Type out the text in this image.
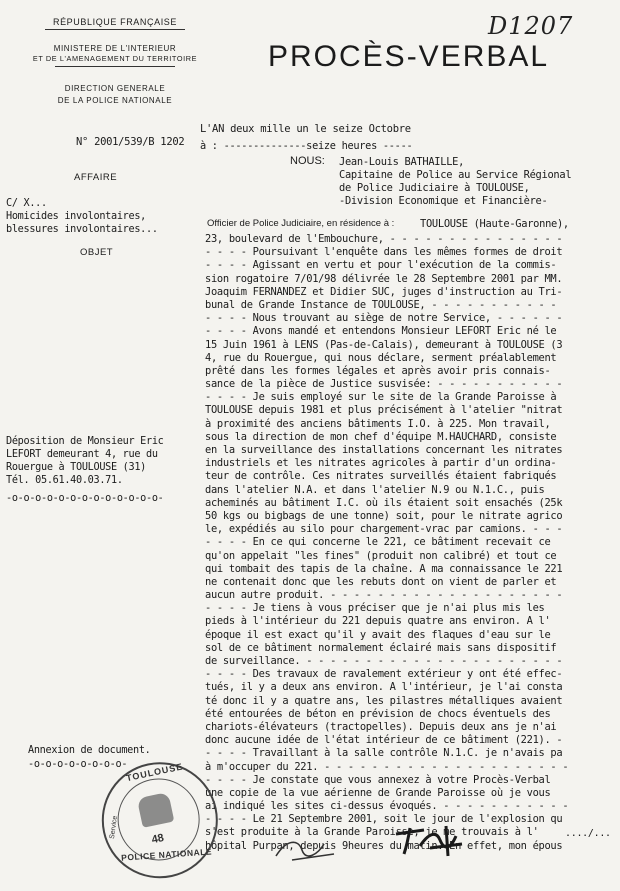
RÉPUBLIQUE FRANÇAISE
MINISTERE DE L'INTERIEUR
ET DE L'AMENAGEMENT DU TERRITOIRE
DIRECTION GENERALE
DE LA POLICE NATIONALE
D1207
PROCÈS-VERBAL
N° 2001/539/B 1202
L'AN deux mille un le seize Octobre
à : --------------seize heures -----
NOUS: Jean-Louis BATHAILLE,
Capitaine de Police au Service Régional
de Police Judiciaire à TOULOUSE,
-Division Economique et Financière-
Officier de Police Judiciaire, en résidence à : TOULOUSE (Haute-Garonne),
AFFAIRE
C/ X...
Homicides involontaires,
blessures involontaires...
OBJET
Déposition de Monsieur Eric
LEFORT demeurant 4, rue du
Rouergue à TOULOUSE (31)
Tél. 05.61.40.03.71.
-o-o-o-o-o-o-o-o-o-o-o-o-o-
Annexion de document.
-o-o-o-o-o-o-o-o-
23, boulevard de l'Embouchure, - - - - - - - - - - - - - - -
- - - - Poursuivant l'enquête dans les mêmes formes de droit
- - - - Agissant en vertu et pour l'exécution de la commis-
sion rogatoire 7/01/98 délivrée le 28 Septembre 2001 par MM.
Joaquim FERNANDEZ et Didier SUC, juges d'instruction au Tri-
bunal de Grande Instance de TOULOUSE, - - - - - - - - - - -
- - - - Nous trouvant au siège de notre Service, - - - - - -
- - - - Avons mandé et entendons Monsieur LEFORT Eric né le
15 Juin 1961 à LENS (Pas-de-Calais), demeurant à TOULOUSE (3
4, rue du Rouergue, qui nous déclare, serment préalablement
prêté dans les formes légales et après avoir pris connais-
sance de la pièce de Justice susvisée: - - - - - - - - - - -
- - - - Je suis employé sur le site de la Grande Paroisse à
TOULOUSE depuis 1981 et plus précisément à l'atelier "nitrat
à proximité des anciens bâtiments I.O. à 225. Mon travail,
sous la direction de mon chef d'équipe M.HAUCHARD, consiste
en la surveillance des installations concernant les nitrates
industriels et les nitrates agricoles à partir d'un ordina-
teur de contrôle. Ces nitrates surveillés étaient fabriqués
dans l'atelier N.A. et dans l'atelier N.9 ou N.1.C., puis
acheminés au bâtiment I.C. où ils étaient soit ensachés (25k
50 kgs ou bigbags de une tonne) soit, pour le nitrate agrico
le, expédiés au silo pour chargement-vrac par camions. - - -
- - - - En ce qui concerne le 221, ce bâtiment recevait ce
qu'on appelait "les fines" (produit non calibré) et tout ce
qui tombait des tapis de la chaîne. A ma connaissance le 221
ne contenait donc que les rebuts dont on vient de parler et
aucun autre produit. - - - - - - - - - - - - - - - - - - - -
- - - - Je tiens à vous préciser que je n'ai plus mis les
pieds à l'intérieur du 221 depuis quatre ans environ. A l'
époque il est exact qu'il y avait des flaques d'eau sur le
sol de ce bâtiment normalement éclairé mais sans dispositif
de surveillance. - - - - - - - - - - - - - - - - - - - - - -
- - - - Des travaux de ravalement extérieur y ont été effec-
tués, il y a deux ans environ. A l'intérieur, je l'ai consta
té donc il y a quatre ans, les pilastres métalliques avaient
été entourées de béton en prévision de chocs éventuels des
chariots-élévateurs (tractopelles). Depuis deux ans je n'ai
donc aucune idée de l'état intérieur de ce bâtiment (221). -
- - - - Travaillant à la salle contrôle N.1.C. je n'avais pa
à m'occuper du 221. - - - - - - - - - - - - - - - - - - - - -
- - - - Je constate que vous annexez à votre Procès-Verbal
une copie de la vue aérienne de Grande Paroisse où je vous
ai indiqué les sites ci-dessus évoqués. - - - - - - - - - - -
- - - - Le 21 Septembre 2001, soit le jour de l'explosion qu
s'est produite à la Grande Paroisse, je me trouvais à l'
hôpital Purpan, depuis 9heures du matin. En effet, mon épous
..../...
TOULOUSE
Service	48
POLICE NATIONALE
